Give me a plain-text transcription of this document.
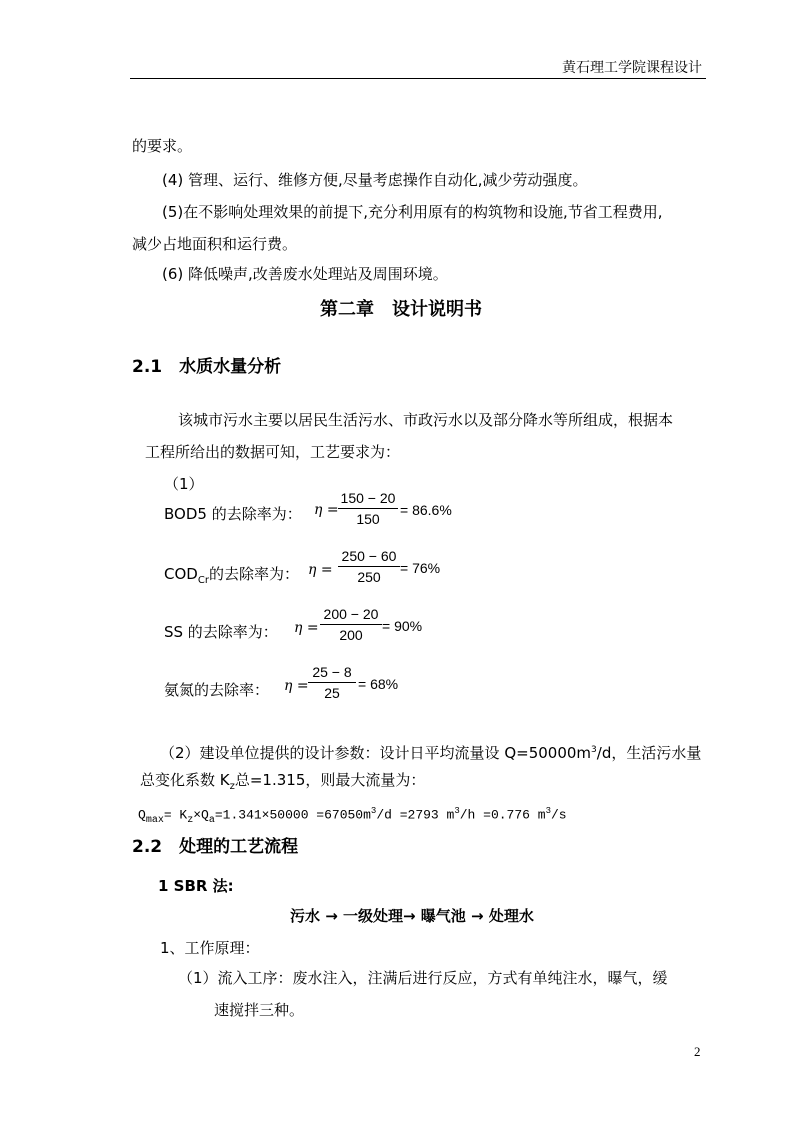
黄石理工学院课程设计
的要求。
(4) 管理、运行、维修方便,尽量考虑操作自动化,减少劳动强度。
(5)在不影响处理效果的前提下,充分利用原有的构筑物和设施,节省工程费用,
减少占地面积和运行费。
(6) 降低噪声,改善废水处理站及周围环境。
第二章　设计说明书
2.1　水质水量分析
该城市污水主要以居民生活污水、市政污水以及部分降水等所组成，根据本
工程所给出的数据可知，工艺要求为：
（1）
BOD5 的去除率为： η =
150 − 20
150
= 86.6%
$COD_{Cr}$的去除率为： η =
250 − 60
250
= 76%
SS 的去除率为： η =
200 − 20
200
= 90%
氨氮的去除率： η =
25 − 8
25
= 68%
（2）建设单位提供的设计参数：设计日平均流量设 $Q=50000m^3/d$，生活污水量
总变化系数 $K_z$总=1.315，则最大流量为：
$Q_{max}= K_z\times Q_a=1.341\times 50000 =67050m^3/d =2793$ $m^3/h =0.776$ $m^3/s$
2.2　处理的工艺流程
1 SBR 法:
污水 → 一级处理→ 曝气池 → 处理水
1、工作原理：
（1）流入工序：废水注入，注满后进行反应，方式有单纯注水，曝气，缓
速搅拌三种。
2
